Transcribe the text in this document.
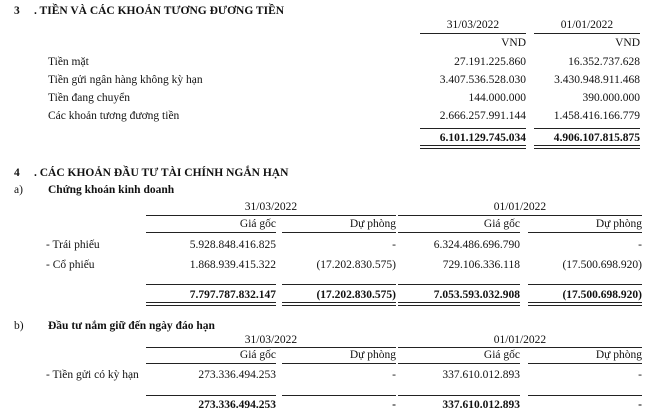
3 . TIỀN VÀ CÁC KHOẢN TƯƠNG ĐƯƠNG TIỀN
31/03/2022	01/01/2022
VND	VND
Tiền mặt	27.191.225.860	16.352.737.628
Tiền gửi ngân hàng không kỳ hạn	3.407.536.528.030	3.430.948.911.468
Tiền đang chuyển	144.000.000	390.000.000
Các khoản tương đương tiền	2.666.257.991.144	1.458.416.166.779
6.101.129.745.034	4.906.107.815.875
4 . CÁC KHOẢN ĐẦU TƯ TÀI CHÍNH NGẮN HẠN
a) Chứng khoán kinh doanh
31/03/2022	01/01/2022
Giá gốc	Dự phòng	Giá gốc	Dự phòng
- Trái phiếu	5.928.848.416.825	-	6.324.486.696.790	-
- Cổ phiếu	1.868.939.415.322	(17.202.830.575)	729.106.336.118	(17.500.698.920)
7.797.787.832.147	(17.202.830.575)	7.053.593.032.908	(17.500.698.920)
b) Đầu tư nắm giữ đến ngày đáo hạn
31/03/2022	01/01/2022
Giá gốc	Dự phòng	Giá gốc	Dự phòng
- Tiền gửi có kỳ hạn	273.336.494.253	-	337.610.012.893	-
273.336.494.253	-	337.610.012.893	-
